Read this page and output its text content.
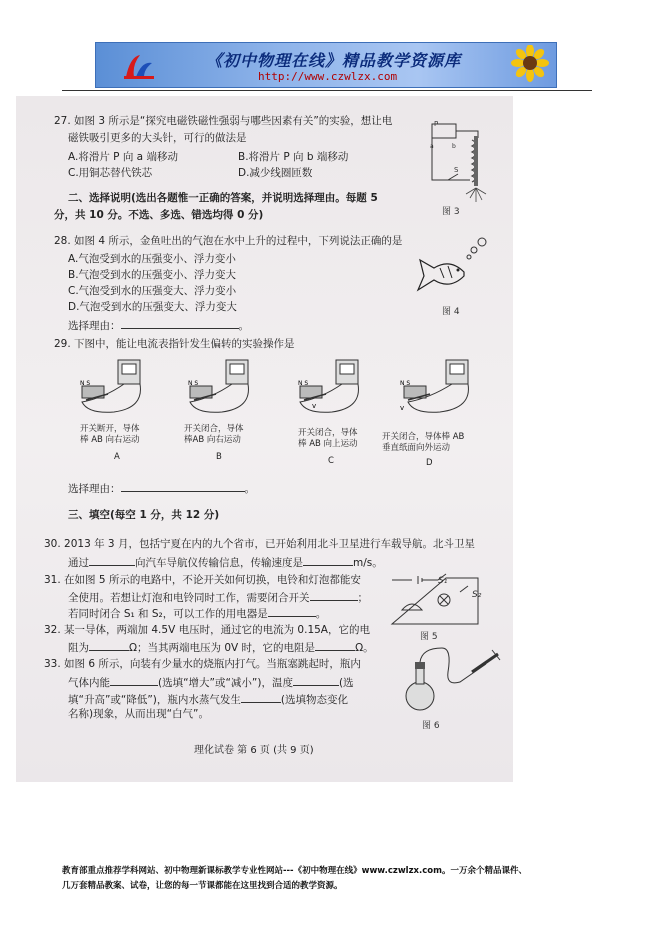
《初中物理在线》精品教学资源库
http://www.czwlzx.com
27. 如图 3 所示是“探究电磁铁磁性强弱与哪些因素有关”的实验，想让电
磁铁吸引更多的大头针，可行的做法是
A.将滑片 P 向 a 端移动	B.将滑片 P 向 b 端移动
C.用铜芯替代铁芯	D.减少线圈匝数
P
a	b
S
图 3
二、选择说明(选出各题惟一正确的答案，并说明选择理由。每题 5
分，共 10 分。不选、多选、错选均得 0 分)
28. 如图 4 所示，金鱼吐出的气泡在水中上升的过程中，下列说法正确的是
A.气泡受到水的压强变小、浮力变小
B.气泡受到水的压强变小、浮力变大
C.气泡受到水的压强变大、浮力变小
D.气泡受到水的压强变大、浮力变大
选择理由：	。
图 4
29. 下图中，能让电流表指针发生偏转的实验操作是
N S	N S	N S
v
N S
v
开关断开，导体
棒 AB 向右运动
A
开关闭合，导体
棒AB 向右运动
B
开关闭合，导体
棒 AB 向上运动
C
开关闭合，导体棒 AB
垂直纸面向外运动
D
选择理由：	。
三、填空(每空 1 分，共 12 分)
30. 2013 年 3 月，包括宁夏在内的九个省市，已开始利用北斗卫星进行车载导航。北斗卫星
通过	向汽车导航仪传输信息，传输速度是	m/s。
31. 在如图 5 所示的电路中，不论开关如何切换，电铃和灯泡都能安
全使用。若想让灯泡和电铃同时工作，需要闭合开关	；
若同时闭合 S₁ 和 S₂，可以工作的用电器是	。
S₁
S₂
图 5
32. 某一导体，两端加 4.5V 电压时，通过它的电流为 0.15A，它的电
阻为	Ω；当其两端电压为 0V 时，它的电阻是	Ω。
33. 如图 6 所示，向装有少量水的烧瓶内打气。当瓶塞跳起时，瓶内
气体内能	(选填“增大”或“减小”)，温度	(选
填“升高”或“降低”)，瓶内水蒸气发生	(选填物态变化
名称)现象，从而出现“白气”。
图 6
理化试卷 第 6 页 (共 9 页)
教育部重点推荐学科网站、初中物理新课标教学专业性网站---《初中物理在线》www.czwlzx.com。一万余个精品课件、
几万套精品教案、试卷，让您的每一节课都能在这里找到合适的教学资源。
